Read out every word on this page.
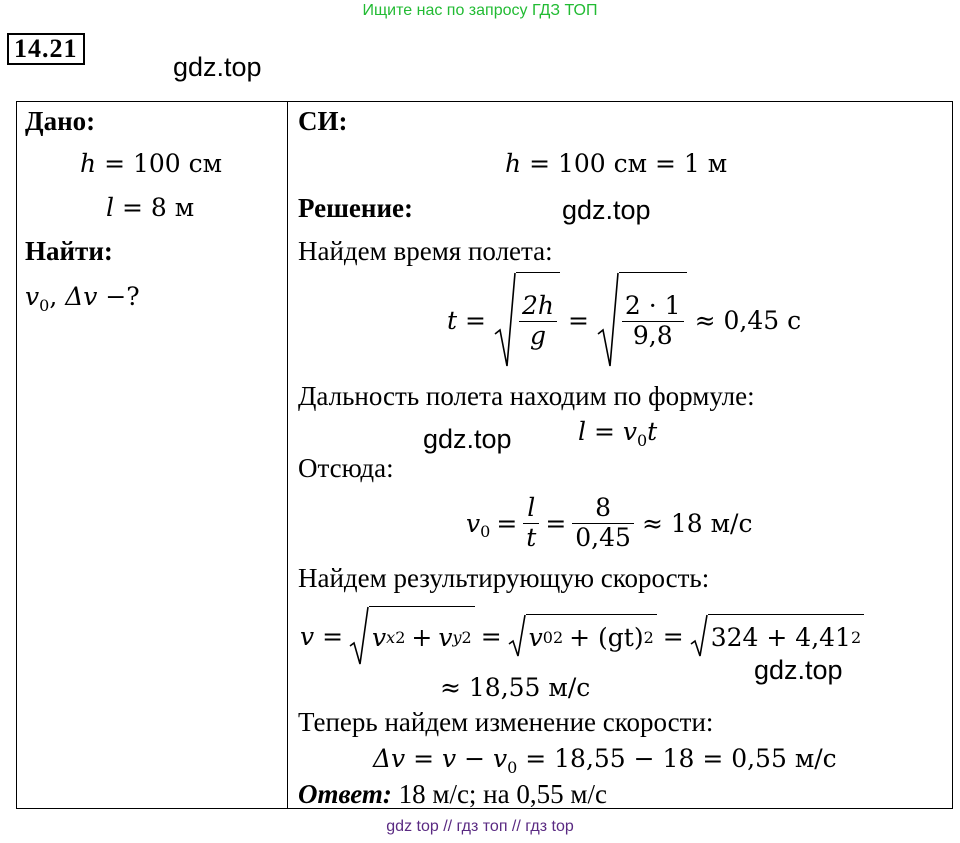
Ищите нас по запросу ГДЗ ТОП
14.21
gdz.top
gdz.top
gdz.top
gdz.top
Дано:
h = 100 см
l = 8 м
Найти:
$v_0$, Δv −?
СИ:
h = 100 см = 1 м
Решение:
Найдем время полета:
$t = \frac{2h}{g} = \frac{2 \cdot 1}{9,8} \approx 0,45$ с
Дальность полета находим по формуле:
$l = v_0t$
Отсюда:
$v_0 = \frac{l}{t} = \frac{8}{0,45} \approx 18$ м/с
Найдем результирующую скорость:
v = v x 2 + v y 2 = v 0 2 + (gt) 2 = 324 + 4,41 2
≈ 18,55 м/с
Теперь найдем изменение скорости:
$\Delta v = v - v_0 = 18,55 - 18 = 0,55$ м/с
Ответ: 18 м/с; на 0,55 м/с
gdz top // гдз топ // гдз top
